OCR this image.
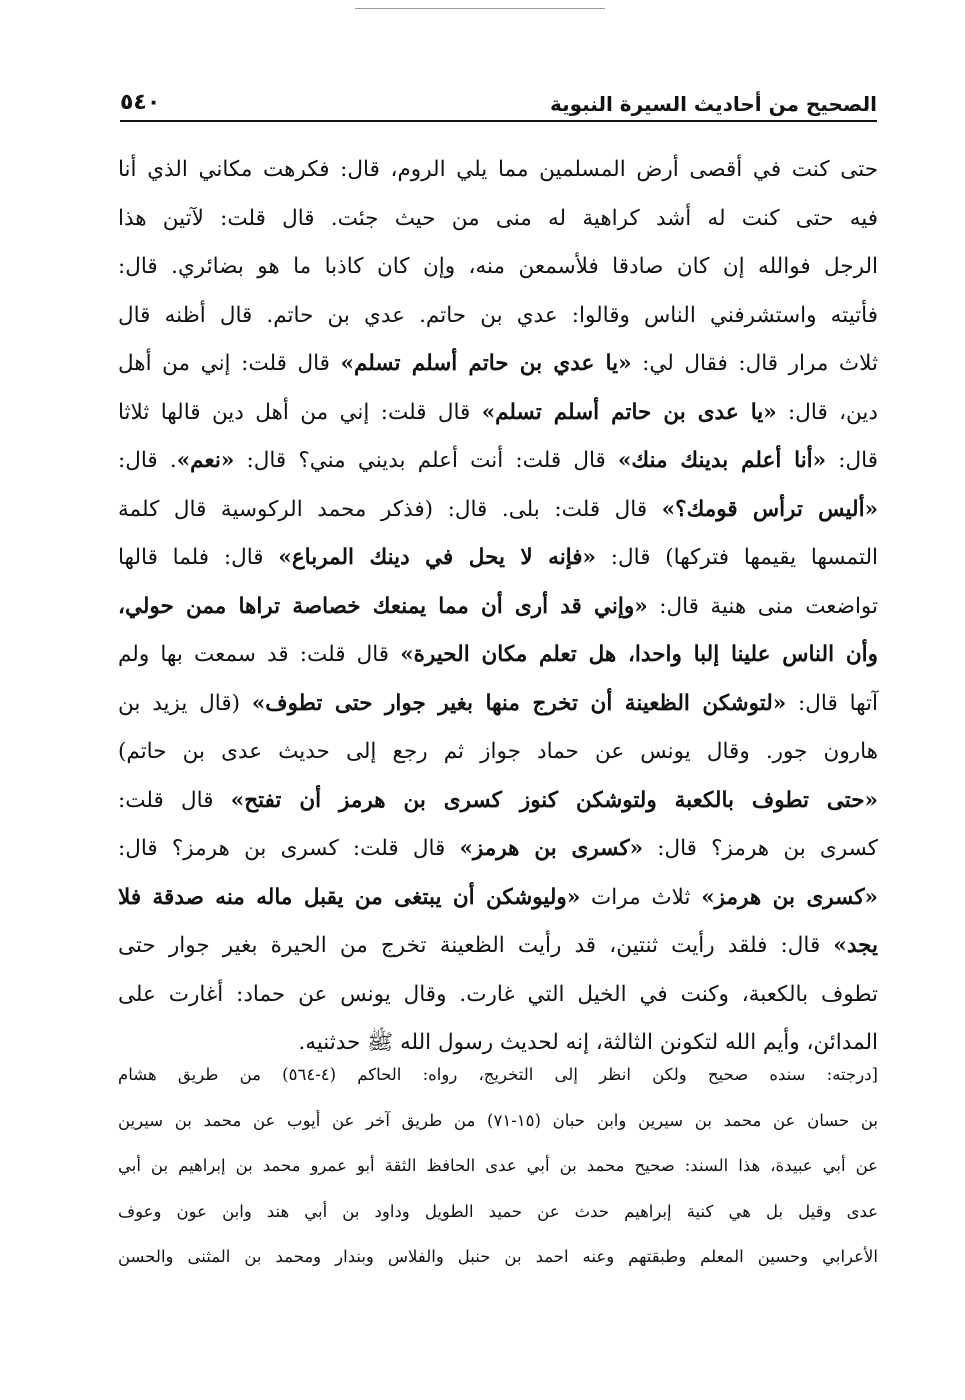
الصحيح من أحاديث السيرة النبوية
٥٤٠
حتى كنت في أقصى أرض المسلمين مما يلي الروم، قال: فكرهت مكاني الذي أنا
فيه حتى كنت له أشد كراهية له منى من حيث جئت. قال قلت: لآتين هذا
الرجل فوالله إن كان صادقا فلأسمعن منه، وإن كان كاذبا ما هو بضائري. قال:
فأتيته واستشرفني الناس وقالوا: عدي بن حاتم. عدي بن حاتم. قال أظنه قال
ثلاث مرار قال: فقال لي: «يا عدي بن حاتم أسلم تسلم» قال قلت: إني من أهل
دين، قال: «يا عدى بن حاتم أسلم تسلم» قال قلت: إني من أهل دين قالها ثلاثا
قال: «أنا أعلم بدينك منك» قال قلت: أنت أعلم بديني مني؟ قال: «نعم». قال:
«أليس ترأس قومك؟» قال قلت: بلى. قال: (فذكر محمد الركوسية قال كلمة
التمسها يقيمها فتركها) قال: «فإنه لا يحل في دينك المرباع» قال: فلما قالها
تواضعت منى هنية قال: «وإني قد أرى أن مما يمنعك خصاصة تراها ممن حولي،
وأن الناس علينا إلبا واحدا، هل تعلم مكان الحيرة» قال قلت: قد سمعت بها ولم
آتها قال: «لتوشكن الظعينة أن تخرج منها بغير جوار حتى تطوف» (قال يزيد بن
هارون جور. وقال يونس عن حماد جواز ثم رجع إلى حديث عدى بن حاتم)
«حتى تطوف بالكعبة ولتوشكن كنوز كسرى بن هرمز أن تفتح» قال قلت:
كسرى بن هرمز؟ قال: «كسرى بن هرمز» قال قلت: كسرى بن هرمز؟ قال:
«كسرى بن هرمز» ثلاث مرات «وليوشكن أن يبتغى من يقبل ماله منه صدقة فلا
يجد» قال: فلقد رأيت ثنتين، قد رأيت الظعينة تخرج من الحيرة بغير جوار حتى
تطوف بالكعبة، وكنت في الخيل التي غارت. وقال يونس عن حماد: أغارت على
المدائن، وأيم الله لتكونن الثالثة، إنه لحديث رسول الله ﷺ حدثنيه.
[درجته: سنده صحيح ولكن انظر إلى التخريج، رواه: الحاكم (٤-٥٦٤) من طريق هشام
بن حسان عن محمد بن سيرين وابن حبان (١٥-٧١) من طريق آخر عن أيوب عن محمد بن سيرين
عن أبي عبيدة، هذا السند: صحيح محمد بن أبي عدى الحافظ الثقة أبو عمرو محمد بن إبراهيم بن أبي
عدى وقيل بل هي كنية إبراهيم حدث عن حميد الطويل وداود بن أبي هند وابن عون وعوف
الأعرابي وحسين المعلم وطبقتهم وعنه احمد بن حنبل والفلاس وبندار ومحمد بن المثنى والحسن
